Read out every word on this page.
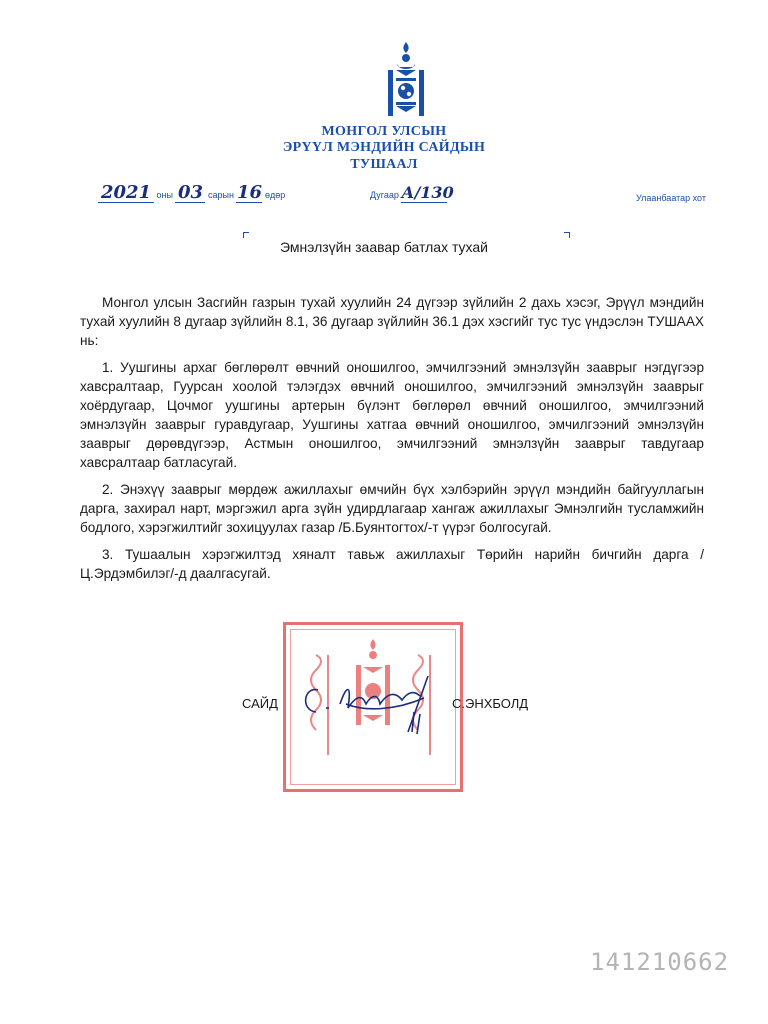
МОНГОЛ УЛСЫН
ЭРҮҮЛ МЭНДИЙН САЙДЫН
ТУШААЛ
2021 оны 03 сарын 16 өдөр	Дугаар А/130	Улаанбаатар хот
Эмнэлзүйн заавар батлах тухай

Монгол улсын Засгийн газрын тухай хуулийн 24 дүгээр зүйлийн 2 дахь хэсэг, Эрүүл мэндийн тухай хуулийн 8 дугаар зүйлийн 8.1, 36 дугаар зүйлийн 36.1 дэх хэсгийг тус тус үндэслэн ТУШААХ нь:

1. Уушгины архаг бөглөрөлт өвчний оношилгоо, эмчилгээний эмнэлзүйн зааврыг нэгдүгээр хавсралтаар, Гуурсан хоолой тэлэгдэх өвчний оношилгоо, эмчилгээний эмнэлзүйн зааврыг хоёрдугаар, Цочмог уушгины артерын бүлэнт бөглөрөл өвчний оношилгоо, эмчилгээний эмнэлзүйн зааврыг гуравдугаар, Уушгины хатгаа өвчний оношилгоо, эмчилгээний эмнэлзүйн зааврыг дөрөвдүгээр, Астмын оношилгоо, эмчилгээний эмнэлзүйн зааврыг тавдугаар хавсралтаар батласугай.

2. Энэхүү зааврыг мөрдөж ажиллахыг өмчийн бүх хэлбэрийн эрүүл мэндийн байгууллагын дарга, захирал нарт, мэргэжил арга зүйн удирдлагаар хангаж ажиллахыг Эмнэлгийн тусламжийн бодлого, хэрэгжилтийг зохицуулах газар /Б.Буянтогтох/-т үүрэг болгосугай.

3. Тушаалын хэрэгжилтэд хяналт тавьж ажиллахыг Төрийн нарийн бичгийн дарга /Ц.Эрдэмбилэг/-д даалгасугай.

САЙД	С.ЭНХБОЛД
141210662
